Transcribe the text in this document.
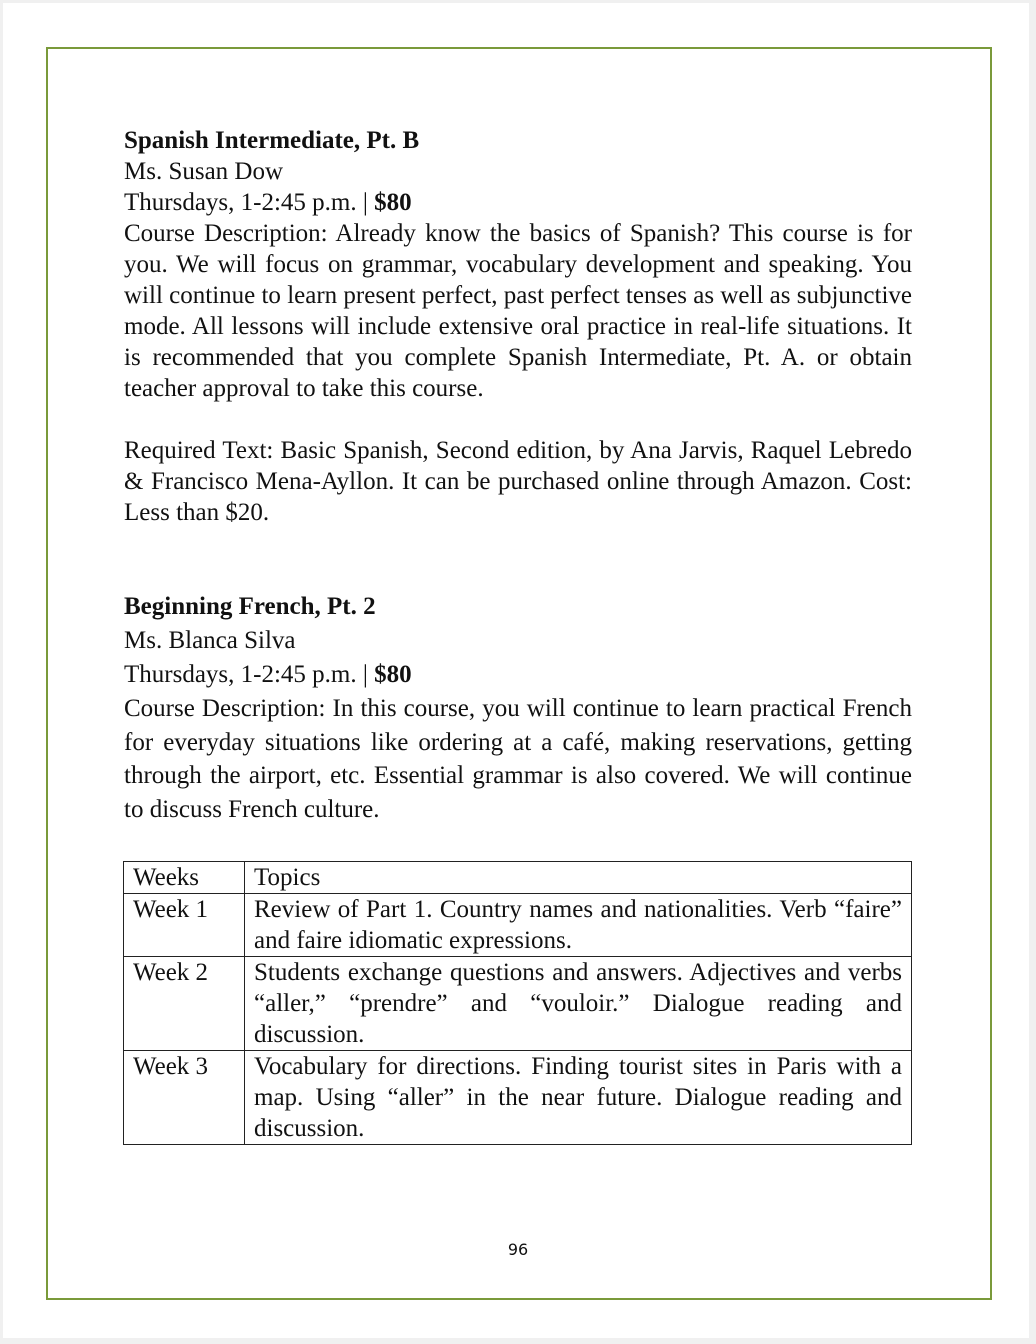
Spanish Intermediate, Pt. B

Ms. Susan Dow

Thursdays, 1-2:45 p.m. | $80

Course Description: Already know the basics of Spanish? This course is for you. We will focus on grammar, vocabulary development and speaking. You will continue to learn present perfect, past perfect tenses as well as subjunctive mode. All lessons will include extensive oral practice in real-life situations. It is recommended that you complete Spanish Intermediate, Pt. A. or obtain teacher approval to take this course.

Required Text: Basic Spanish, Second edition, by Ana Jarvis, Raquel Lebredo & Francisco Mena-Ayllon. It can be purchased online through Amazon. Cost: Less than $20.

Beginning French, Pt. 2

Ms. Blanca Silva

Thursdays, 1-2:45 p.m. | $80

Course Description: In this course, you will continue to learn practical French for everyday situations like ordering at a café, making reservations, getting through the airport, etc. Essential grammar is also covered. We will continue to discuss French culture.

Weeks	Topics
Week 1	Review of Part 1. Country names and nationalities. Verb “faire” and faire idiomatic expressions.
Week 2	Students exchange questions and answers. Adjectives and verbs “aller,” “prendre” and “vouloir.” Dialogue reading and discussion.
Week 3	Vocabulary for directions. Finding tourist sites in Paris with a map. Using “aller” in the near future. Dialogue reading and discussion.
96
